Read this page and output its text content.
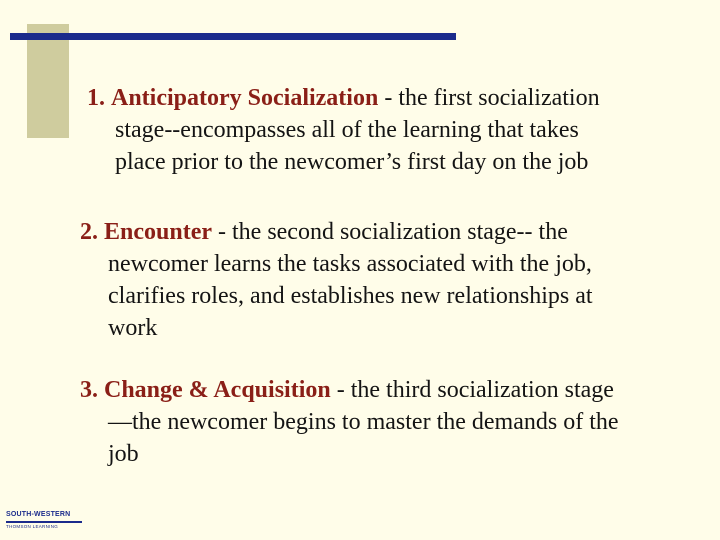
1. Anticipatory Socialization - the first socialization
stage--encompasses all of the learning that takes
place prior to the newcomer’s first day on the job
2. Encounter - the second socialization stage-- the
newcomer learns the tasks associated with the job,
clarifies roles, and establishes new relationships at
work
3. Change & Acquisition - the third socialization stage
—the newcomer begins to master the demands of the
job
SOUTH-WESTERN
THOMSON LEARNING
